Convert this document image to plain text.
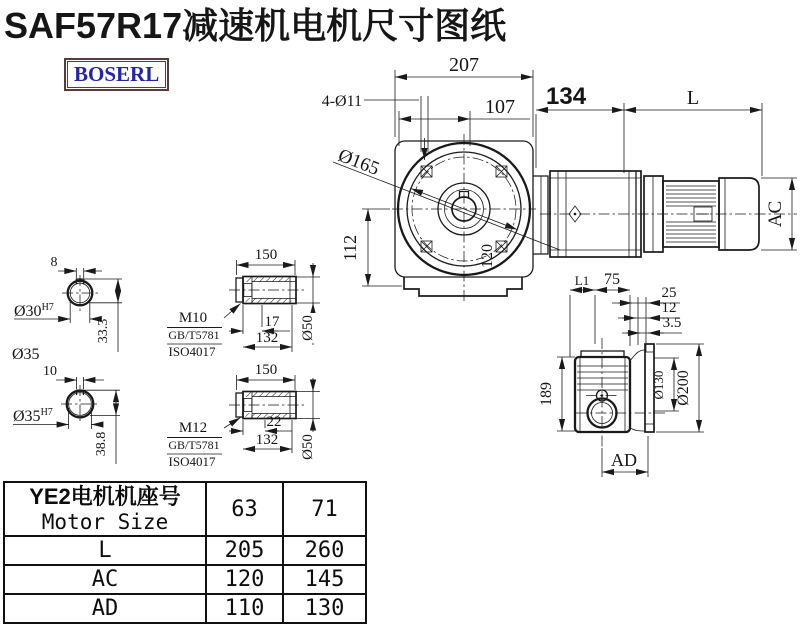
207
107
4-Ø11
Ø165
112	120
134	L
AC
L1 75
25
12
3.5
189	Ø130 Ø200
AD
8
$Ø30^{H7}$
33.3
Ø35
10
$Ø35^{H7}$
38.8
150
17
132 Ø50
M10
GB/T5781
ISO4017
150
22
132 Ø50
M12
GB/T5781
ISO4017
SAF57R17减速机电机尺寸图纸
BOSERL
YE2电机机座号
Motor Size	63	71
L	205	260
AC	120	145
AD	110	130
